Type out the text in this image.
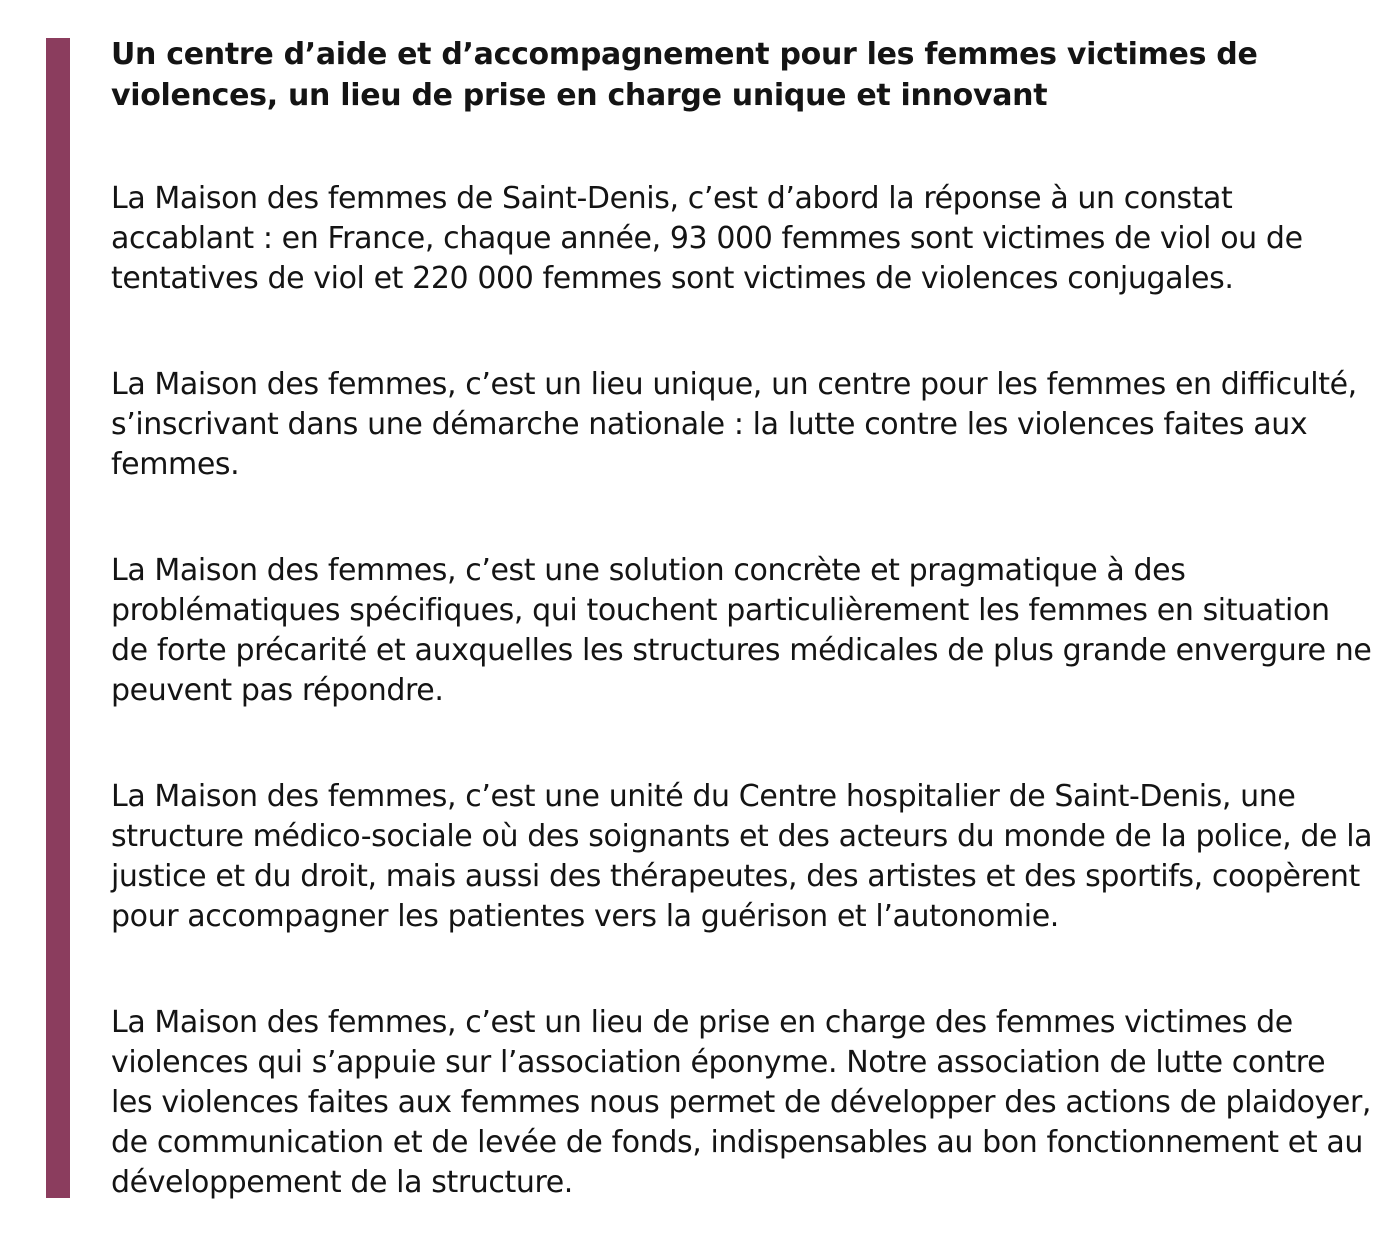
Un centre d’aide et d’accompagnement pour les femmes victimes de violences, un lieu de prise en charge unique et innovant

La Maison des femmes de Saint-Denis, c’est d’abord la réponse à un constat accablant : en France, chaque année, 93 000 femmes sont victimes de viol ou de tentatives de viol et 220 000 femmes sont victimes de violences conjugales.

La Maison des femmes, c’est un lieu unique, un centre pour les femmes en difficulté, s’inscrivant dans une démarche nationale : la lutte contre les violences faites aux femmes.

La Maison des femmes, c’est une solution concrète et pragmatique à des problématiques spécifiques, qui touchent particulièrement les femmes en situation de forte précarité et auxquelles les structures médicales de plus grande envergure ne peuvent pas répondre.

La Maison des femmes, c’est une unité du Centre hospitalier de Saint-Denis, une structure médico-sociale où des soignants et des acteurs du monde de la police, de la justice et du droit, mais aussi des thérapeutes, des artistes et des sportifs, coopèrent pour accompagner les patientes vers la guérison et l’autonomie.

La Maison des femmes, c’est un lieu de prise en charge des femmes victimes de violences qui s’appuie sur l’association éponyme. Notre association de lutte contre les violences faites aux femmes nous permet de développer des actions de plaidoyer, de communication et de levée de fonds, indispensables au bon fonctionnement et au développement de la structure.
